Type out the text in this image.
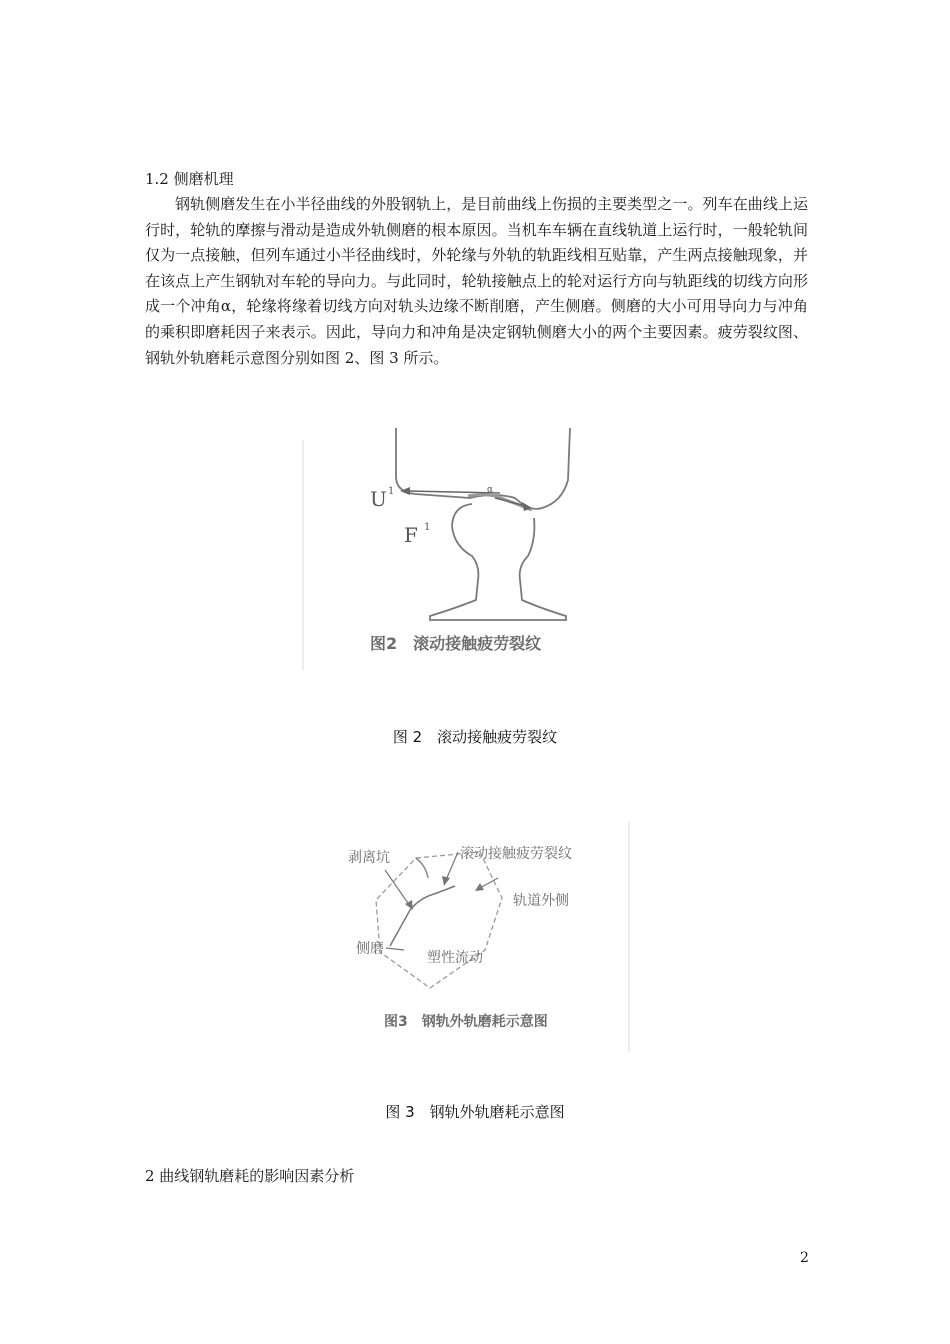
1.2 侧磨机理

钢轨侧磨发生在小半径曲线的外股钢轨上，是目前曲线上伤损的主要类型之一。列车在曲线上运行时，轮轨的摩擦与滑动是造成外轨侧磨的根本原因。当机车车辆在直线轨道上运行时，一般轮轨间仅为一点接触，但列车通过小半径曲线时，外轮缘与外轨的轨距线相互贴靠，产生两点接触现象，并在该点上产生钢轨对车轮的导向力。与此同时，轮轨接触点上的轮对运行方向与轨距线的切线方向形成一个冲角α，轮缘将缘着切线方向对轨头边缘不断削磨，产生侧磨。侧磨的大小可用导向力与冲角的乘积即磨耗因子来表示。因此，导向力和冲角是决定钢轨侧磨大小的两个主要因素。疲劳裂纹图、钢轨外轨磨耗示意图分别如图 2、图 3 所示。

U 1
F 1
α
图2　滚动接触疲劳裂纹
图 2　滚动接触疲劳裂纹
剥离坑	滚动接触疲劳裂纹
轨道外侧
侧磨
塑性流动
图3　钢轨外轨磨耗示意图
图 3　钢轨外轨磨耗示意图
2 曲线钢轨磨耗的影响因素分析
2
